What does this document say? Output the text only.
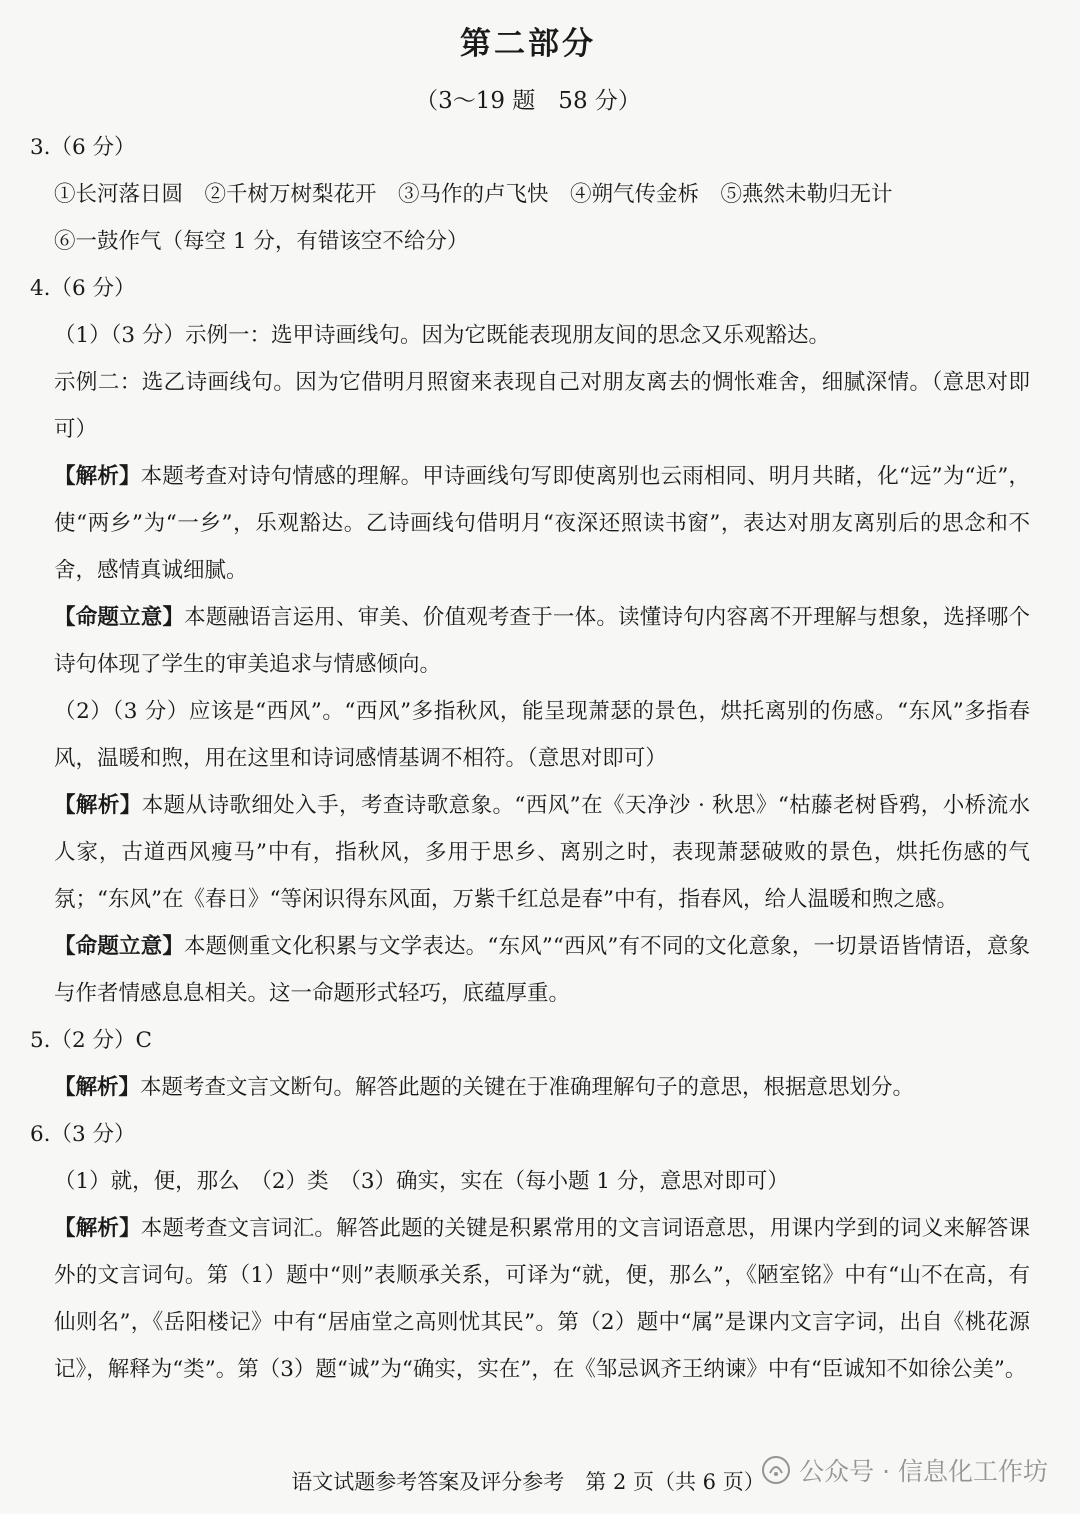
第二部分
（3～19 题　58 分）
3.（6 分）
①长河落日圆　②千树万树梨花开　③马作的卢飞快　④朔气传金柝　⑤燕然未勒归无计
⑥一鼓作气（每空 1 分，有错该空不给分）
4.（6 分）
（1）（3 分）示例一：选甲诗画线句。因为它既能表现朋友间的思念又乐观豁达。
示例二：选乙诗画线句。因为它借明月照窗来表现自己对朋友离去的惆怅难舍，细腻深情。（意思对即可）
【解析】本题考查对诗句情感的理解。甲诗画线句写即使离别也云雨相同、明月共睹，化“远”为“近”，使“两乡”为“一乡”，乐观豁达。乙诗画线句借明月“夜深还照读书窗”，表达对朋友离别后的思念和不舍，感情真诚细腻。
【命题立意】本题融语言运用、审美、价值观考查于一体。读懂诗句内容离不开理解与想象，选择哪个诗句体现了学生的审美追求与情感倾向。
（2）（3 分）应该是“西风”。“西风”多指秋风，能呈现萧瑟的景色，烘托离别的伤感。“东风”多指春风，温暖和煦，用在这里和诗词感情基调不相符。（意思对即可）
【解析】本题从诗歌细处入手，考查诗歌意象。“西风”在《天净沙 · 秋思》“枯藤老树昏鸦，小桥流水人家，古道西风瘦马”中有，指秋风，多用于思乡、离别之时，表现萧瑟破败的景色，烘托伤感的气氛；“东风”在《春日》“等闲识得东风面，万紫千红总是春”中有，指春风，给人温暖和煦之感。
【命题立意】本题侧重文化积累与文学表达。“东风”“西风”有不同的文化意象，一切景语皆情语，意象与作者情感息息相关。这一命题形式轻巧，底蕴厚重。
5.（2 分）C
【解析】本题考查文言文断句。解答此题的关键在于准确理解句子的意思，根据意思划分。
6.（3 分）
（1）就，便，那么　（2）类　（3）确实，实在（每小题 1 分，意思对即可）
【解析】本题考查文言词汇。解答此题的关键是积累常用的文言词语意思，用课内学到的词义来解答课外的文言词句。第（1）题中“则”表顺承关系，可译为“就，便，那么”，《陋室铭》中有“山不在高，有仙则名”，《岳阳楼记》中有“居庙堂之高则忧其民”。第（2）题中“属”是课内文言字词，出自《桃花源记》，解释为“类”。第（3）题“诚”为“确实，实在”，在《邹忌讽齐王纳谏》中有“臣诚知不如徐公美”。
语文试题参考答案及评分参考　第 2 页（共 6 页）	公众号 · 信息化工作坊
